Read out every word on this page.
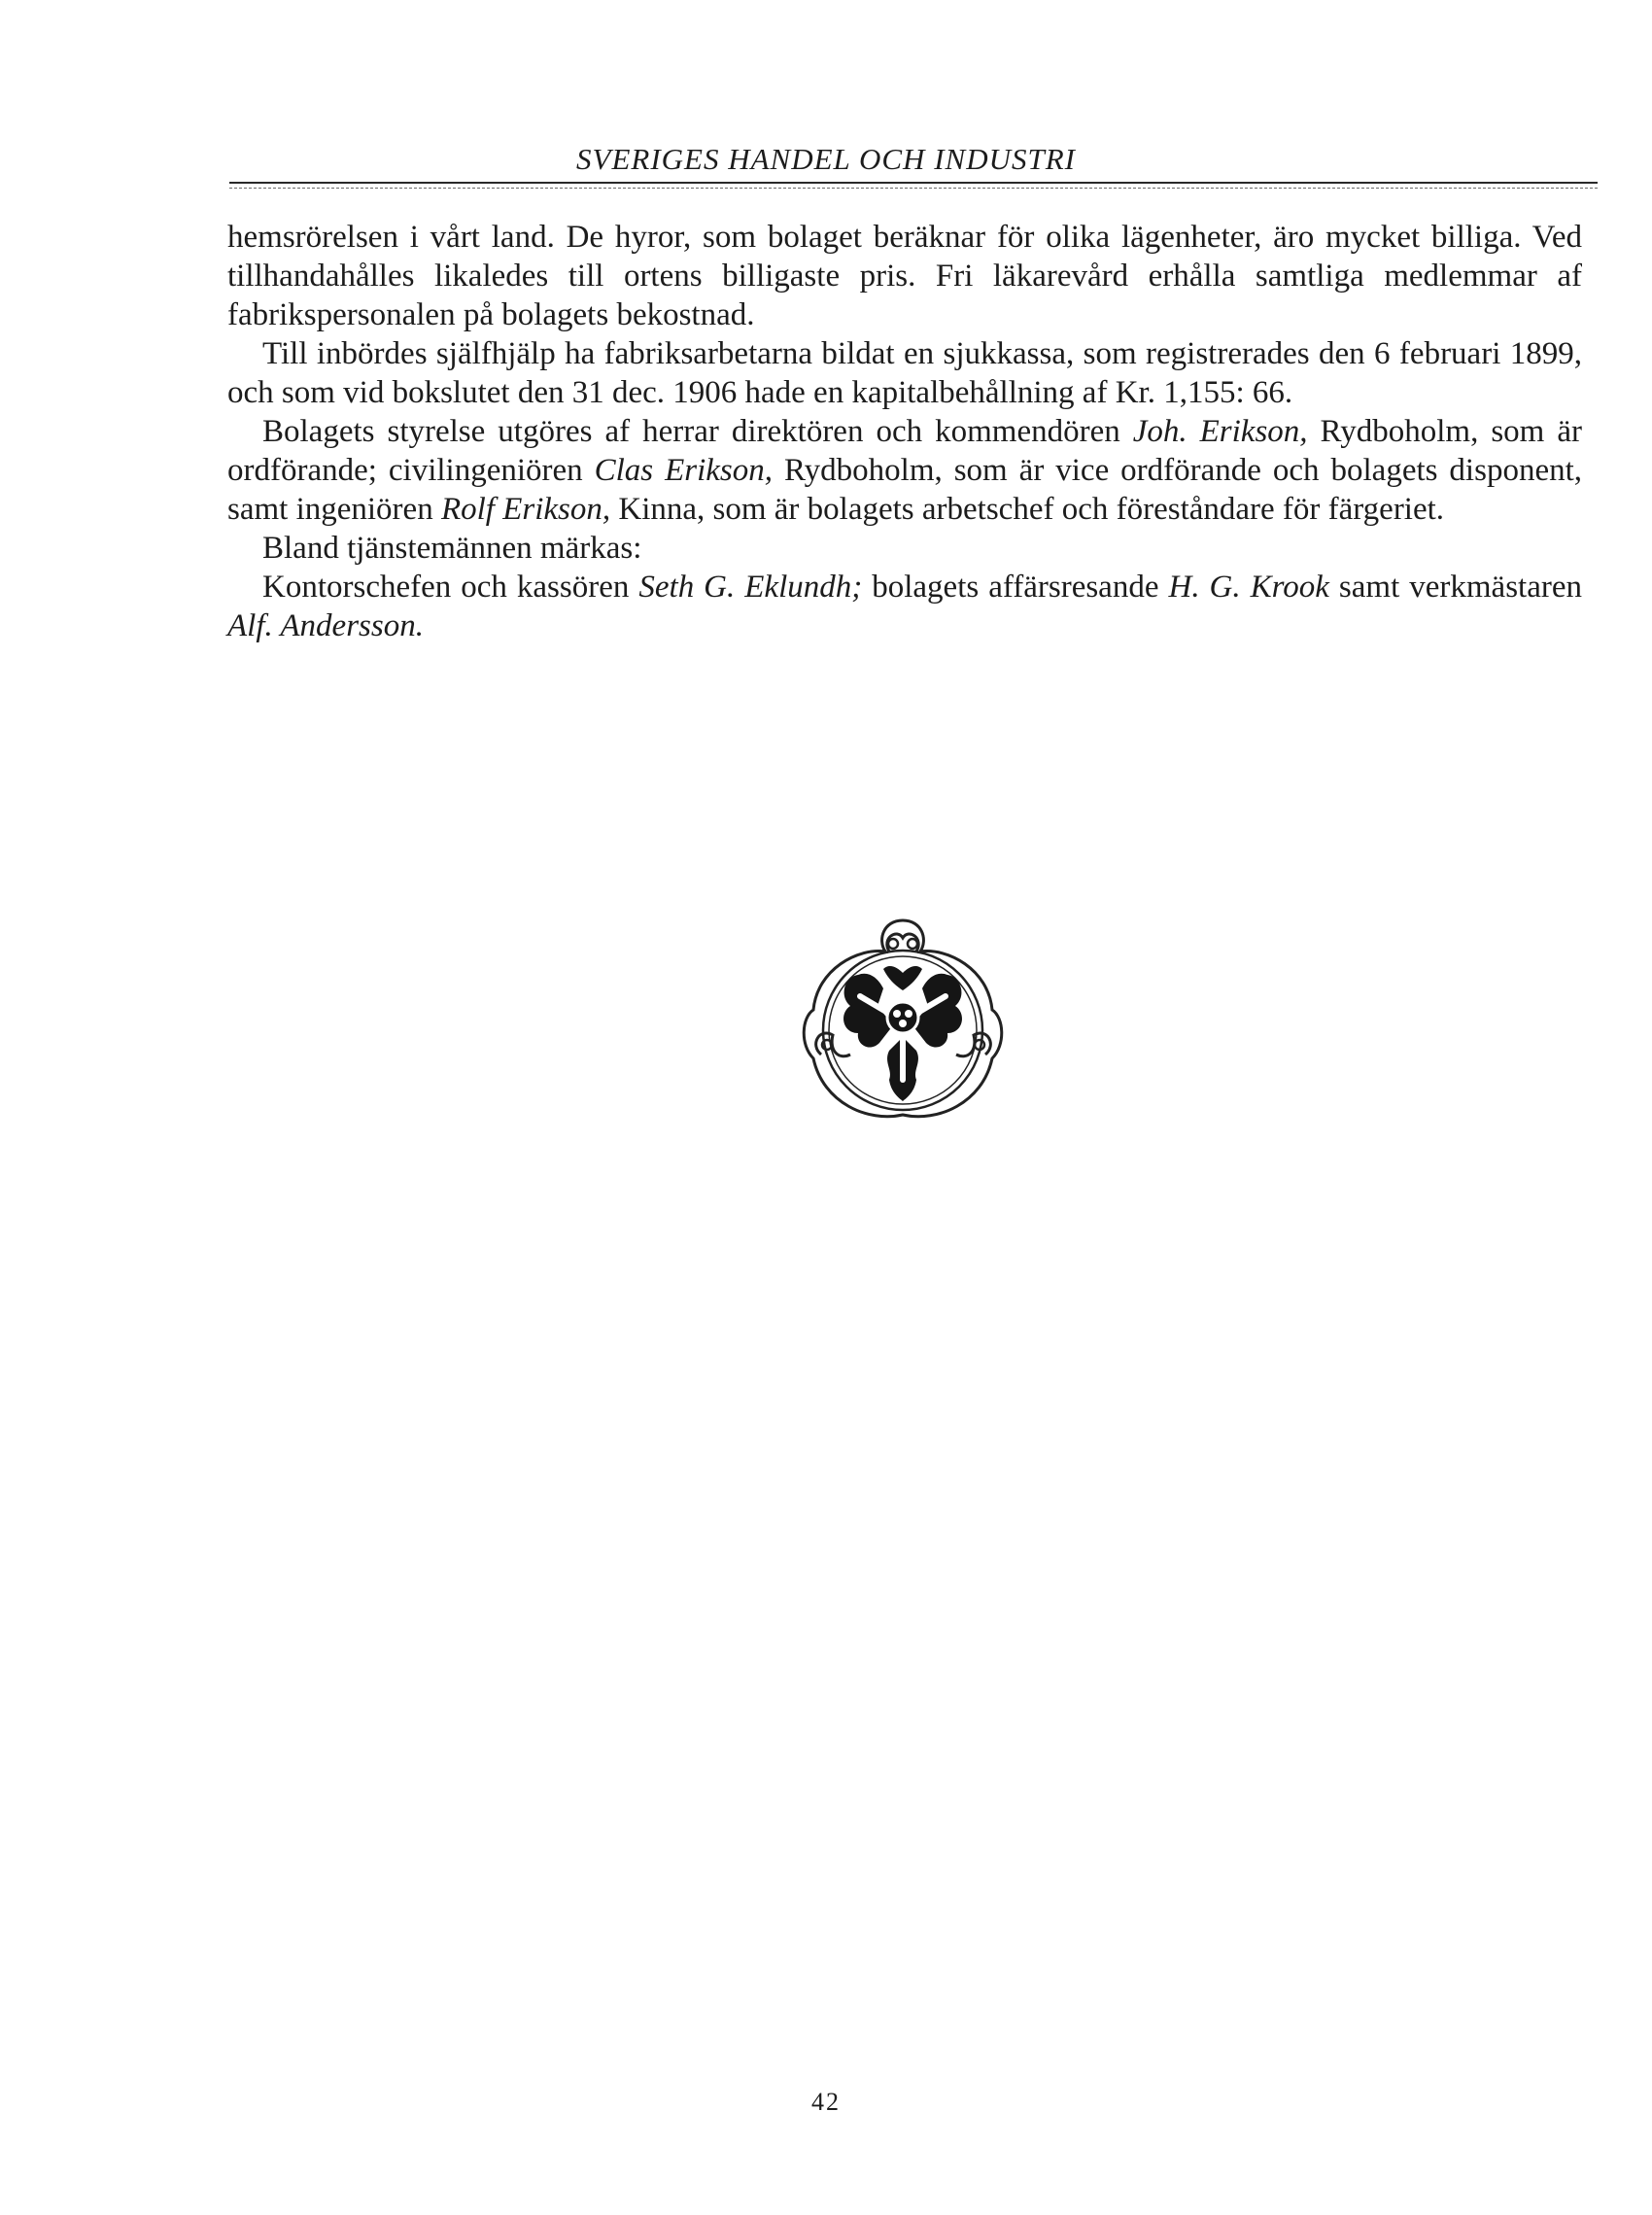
SVERIGES HANDEL OCH INDUSTRI

hemsrörelsen i vårt land. De hyror, som bolaget beräknar för olika lägenheter, äro mycket billiga. Ved tillhandahålles likaledes till ortens billigaste pris. Fri läkarevård erhålla samtliga medlemmar af fabrikspersonalen på bolagets bekostnad.

Till inbördes själfhjälp ha fabriksarbetarna bildat en sjukkassa, som registrerades den 6 februari 1899, och som vid bokslutet den 31 dec. 1906 hade en kapitalbehållning af Kr. 1,155: 66.

Bolagets styrelse utgöres af herrar direktören och kommendören Joh. Erikson, Rydboholm, som är ordförande; civilingeniören Clas Erikson, Rydboholm, som är vice ordförande och bolagets disponent, samt ingeniören Rolf Erikson, Kinna, som är bolagets arbetschef och föreståndare för färgeriet.

Bland tjänstemännen märkas:

Kontorschefen och kassören Seth G. Eklundh; bolagets affärsresande H. G. Krook samt verkmästaren Alf. Andersson.

42
